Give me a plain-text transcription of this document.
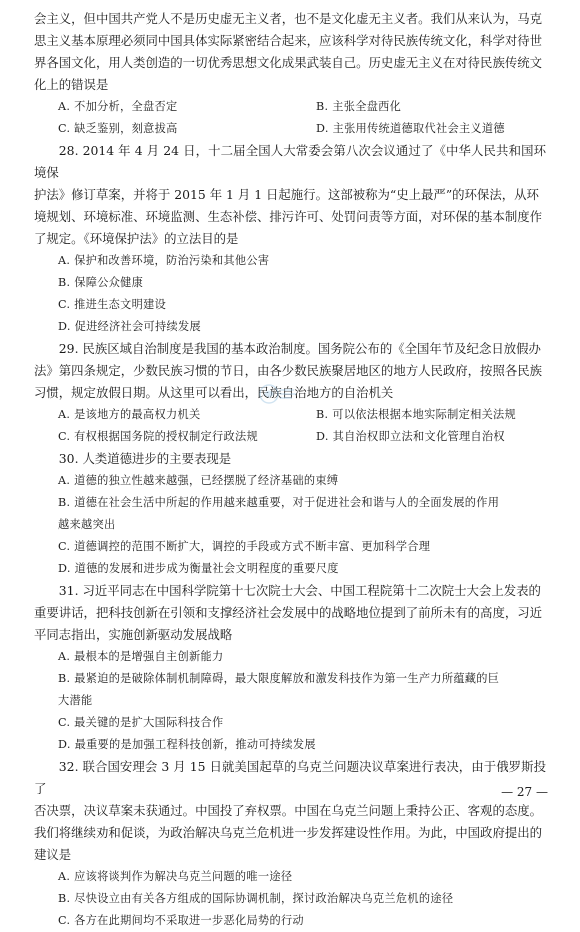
会主义，但中国共产党人不是历史虚无主义者，也不是文化虚无主义者。我们从来认为，马克

思主义基本原理必须同中国具体实际紧密结合起来，应该科学对待民族传统文化，科学对待世

界各国文化，用人类创造的一切优秀思想文化成果武装自己。历史虚无主义在对待民族传统文

化上的错误是

A. 不加分析，全盘否定	B. 主张全盘西化
C. 缺乏鉴别，刻意拔高	D. 主张用传统道德取代社会主义道德

28. 2014 年 4 月 24 日，十二届全国人大常委会第八次会议通过了《中华人民共和国环境保

护法》修订草案，并将于 2015 年 1 月 1 日起施行。这部被称为“史上最严”的环保法，从环

境规划、环境标准、环境监测、生态补偿、排污许可、处罚问责等方面，对环保的基本制度作

了规定。《环境保护法》的立法目的是

A. 保护和改善环境，防治污染和其他公害

B. 保障公众健康

C. 推进生态文明建设

D. 促进经济社会可持续发展

29. 民族区域自治制度是我国的基本政治制度。国务院公布的《全国年节及纪念日放假办

法》第四条规定，少数民族习惯的节日，由各少数民族聚居地区的地方人民政府，按照各民族

习惯，规定放假日期。从这里可以看出，民族自治地方的自治机关

A. 是该地方的最高权力机关	B. 可以依法根据本地实际制定相关法规
C. 有权根据国务院的授权制定行政法规	D. 其自治权即立法和文化管理自治权

30. 人类道德进步的主要表现是

A. 道德的独立性越来越强，已经摆脱了经济基础的束缚

B. 道德在社会生活中所起的作用越来越重要，对于促进社会和谐与人的全面发展的作用

越来越突出

C. 道德调控的范围不断扩大，调控的手段或方式不断丰富、更加科学合理

D. 道德的发展和进步成为衡量社会文明程度的重要尺度

31. 习近平同志在中国科学院第十七次院士大会、中国工程院第十二次院士大会上发表的

重要讲话，把科技创新在引领和支撑经济社会发展中的战略地位提到了前所未有的高度，习近

平同志指出，实施创新驱动发展战略

A. 最根本的是增强自主创新能力

B. 最紧迫的是破除体制机制障碍，最大限度解放和激发科技作为第一生产力所蕴藏的巨

大潜能

C. 最关键的是扩大国际科技合作

D. 最重要的是加强工程科技创新，推动可持续发展

32. 联合国安理会 3 月 15 日就美国起草的乌克兰问题决议草案进行表决，由于俄罗斯投了

否决票，决议草案未获通过。中国投了弃权票。中国在乌克兰问题上秉持公正、客观的态度。

我们将继续劝和促谈，为政治解决乌克兰危机进一步发挥建设性作用。为此，中国政府提出的

建议是

A. 应该将谈判作为解决乌克兰问题的唯一途径

B. 尽快设立由有关各方组成的国际协调机制，探讨政治解决乌克兰危机的途径

C. 各方在此期间均不采取进一步恶化局势的行动

— 27 —
